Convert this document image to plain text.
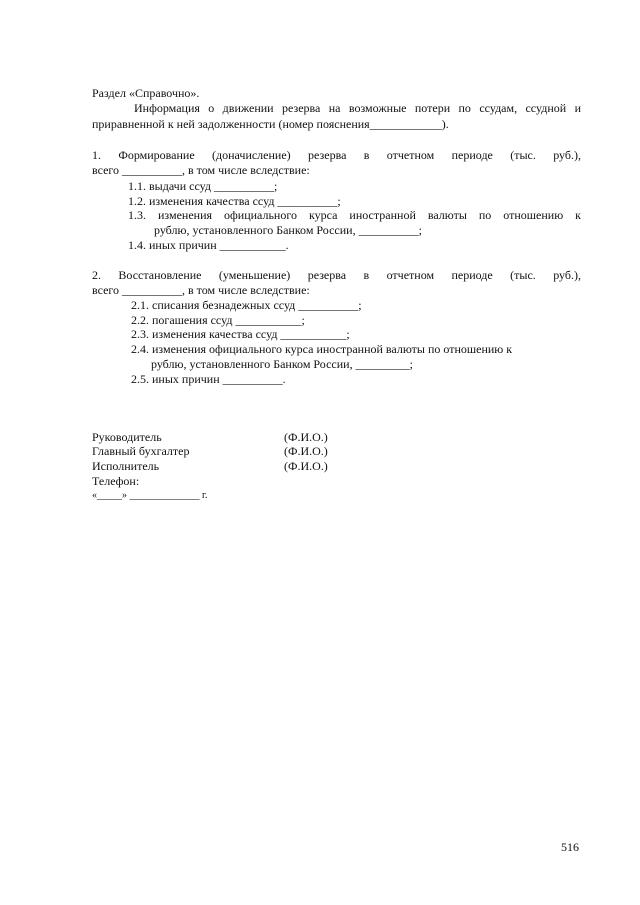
Раздел «Справочно».
Информация о движении резерва на возможные потери по ссудам, ссудной и
приравненной к ней задолженности (номер пояснения____________).
1. Формирование (доначисление) резерва в отчетном периоде (тыс. руб.),
всего __________, в том числе вследствие:
1.1. выдачи ссуд __________;
1.2. изменения качества ссуд __________;
1.3. изменения официального курса иностранной валюты по отношению к
рублю, установленного Банком России, __________;
1.4. иных причин ___________.
2. Восстановление (уменьшение) резерва в отчетном периоде (тыс. руб.),
всего __________, в том числе вследствие:
2.1. списания безнадежных ссуд __________;
2.2. погашения ссуд ___________;
2.3. изменения качества ссуд ___________;
2.4. изменения официального курса иностранной валюты по отношению к
рублю, установленного Банком России, _________;
2.5. иных причин __________.
Руководитель	(Ф.И.О.)
Главный бухгалтер	(Ф.И.О.)
Исполнитель	(Ф.И.О.)
Телефон:
«_____» ______________ г.
516
